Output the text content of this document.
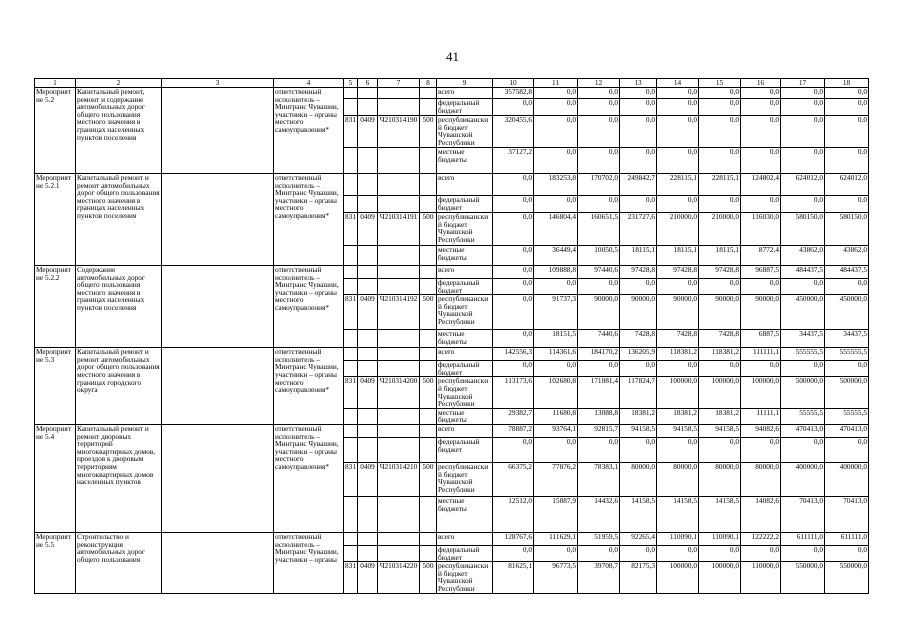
41
1	2	3	4	5	6	7	8	9	10	11	12	13	14	15	16	17	18
Мероприятие 5.2	Капитальный ремонт, ремонт и содержание автомобильных дорог общего пользования местного значения в границах населенных пунктов поселения		ответственный исполнитель – Минтранс Чувашии, участники – органы местного самоуправления*					всего	357582,8	0,0	0,0	0,0	0,0	0,0	0,0	0,0	0,0
								федеральный бюджет	0,0	0,0	0,0	0,0	0,0	0,0	0,0	0,0	0,0
				831	0409	Ч210314190	500	республиканский бюджет Чувашской Республики	320455,6	0,0	0,0	0,0	0,0	0,0	0,0	0,0	0,0
								местные бюджеты	37127,2	0,0	0,0	0,0	0,0	0,0	0,0	0,0	0,0
Мероприятие 5.2.1	Капитальный ремонт и ремонт автомобильных дорог общего пользования местного значения в границах населенных пунктов поселения		ответственный исполнитель – Минтранс Чувашии, участники – органы местного самоуправления*					всего	0,0	183253,8	170702,0	249842,7	228115,1	228115,1	124802,4	624012,0	624012,0
								федеральный бюджет	0,0	0,0	0,0	0,0	0,0	0,0	0,0	0,0	0,0
				831	0409	Ч210314191	500	республиканский бюджет Чувашской Республики	0,0	146804,4	160651,5	231727,6	210000,0	210000,0	116030,0	580150,0	580150,0
								местные бюджеты	0,0	36449,4	10050,5	18115,1	18115,1	18115,1	8772,4	43862,0	43862,0
Мероприятие 5.2.2	Содержание автомобильных дорог общего пользования местного значения в границах населенных пунктов поселения		ответственный исполнитель – Минтранс Чувашии, участники – органы местного самоуправления*					всего	0,0	109888,8	97440,6	97428,8	97428,8	97428,8	96887,5	484437,5	484437,5
								федеральный бюджет	0,0	0,0	0,0	0,0	0,0	0,0	0,0	0,0	0,0
				831	0409	Ч210314192	500	республиканский бюджет Чувашской Республики	0,0	91737,3	90000,0	90000,0	90000,0	90000,0	90000,0	450000,0	450000,0
								местные бюджеты	0,0	18151,5	7440,6	7428,8	7428,8	7428,8	6887,5	34437,5	34437,5
Мероприятие 5.3	Капитальный ремонт и ремонт автомобильных дорог общего пользования местного значения в границах городского округа		ответственный исполнитель – Минтранс Чувашии, участники – органы местного самоуправления*					всего	142556,3	114361,6	184170,2	136205,9	118381,2	118381,2	111111,1	555555,5	555555,5
								федеральный бюджет	0,0	0,0	0,0	0,0	0,0	0,0	0,0	0,0	0,0
				831	0409	Ч210314200	500	республиканский бюджет Чувашской Республики	113173,6	102680,8	171081,4	117824,7	100000,0	100000,0	100000,0	500000,0	500000,0
								местные бюджеты	29382,7	11680,8	13088,8	18381,2	18381,2	18381,2	11111,1	55555,5	55555,5
Мероприятие 5.4	Капитальный ремонт и ремонт дворовых территорий многоквартирных домов, проездов к дворовым территориям многоквартирных домов населенных пунктов		ответственный исполнитель – Минтранс Чувашии, участники – органы местного самоуправления*					всего	78887,2	93764,1	92815,7	94158,5	94158,5	94158,5	94082,6	470413,0	470413,0
								федеральный бюджет	0,0	0,0	0,0	0,0	0,0	0,0	0,0	0,0	0,0
				831	0409	Ч210314210	500	республиканский бюджет Чувашской Республики	66375,2	77876,2	78383,1	80000,0	80000,0	80000,0	80000,0	400000,0	400000,0
								местные бюджеты	12512,0	15887,9	14432,6	14158,5	14158,5	14158,5	14082,6	70413,0	70413,0
Мероприятие 5.5	Строительство и реконструкция автомобильных дорог общего пользования		ответственный исполнитель – Минтранс Чувашии, участники – органы					всего	128767,6	111629,1	51959,5	92265,4	110090,1	110090,1	122222,2	611111,0	611111,0
								федеральный бюджет	0,0	0,0	0,0	0,0	0,0	0,0	0,0	0,0	0,0
				831	0409	Ч210314220	500	республиканский бюджет Чувашской Республики	81625,1	96773,5	39708,7	82175,3	100000,0	100000,0	110000,0	550000,0	550000,0
